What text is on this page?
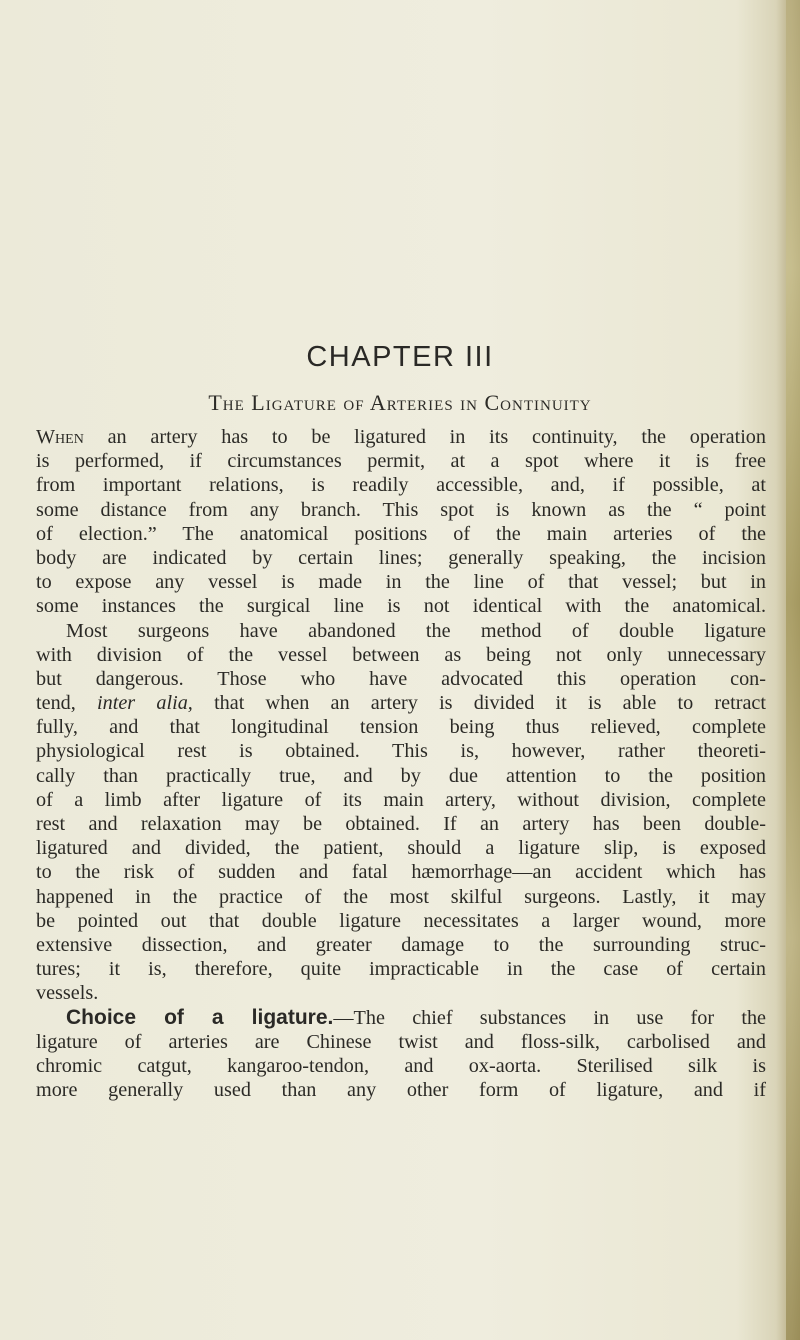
CHAPTER III
The Ligature of Arteries in Continuity
When an artery has to be ligatured in its continuity, the operation
is performed, if circumstances permit, at a spot where it is free
from important relations, is readily accessible, and, if possible, at
some distance from any branch. This spot is known as the “ point
of election.” The anatomical positions of the main arteries of the
body are indicated by certain lines; generally speaking, the incision
to expose any vessel is made in the line of that vessel; but in
some instances the surgical line is not identical with the anatomical.
Most surgeons have abandoned the method of double ligature
with division of the vessel between as being not only unnecessary
but dangerous. Those who have advocated this operation con-
tend, inter alia, that when an artery is divided it is able to retract
fully, and that longitudinal tension being thus relieved, complete
physiological rest is obtained. This is, however, rather theoreti-
cally than practically true, and by due attention to the position
of a limb after ligature of its main artery, without division, complete
rest and relaxation may be obtained. If an artery has been double-
ligatured and divided, the patient, should a ligature slip, is exposed
to the risk of sudden and fatal hæmorrhage—an accident which has
happened in the practice of the most skilful surgeons. Lastly, it may
be pointed out that double ligature necessitates a larger wound, more
extensive dissection, and greater damage to the surrounding struc-
tures; it is, therefore, quite impracticable in the case of certain
vessels.
Choice of a ligature.—The chief substances in use for the
ligature of arteries are Chinese twist and floss-silk, carbolised and
chromic catgut, kangaroo-tendon, and ox-aorta. Sterilised silk is
more generally used than any other form of ligature, and if
